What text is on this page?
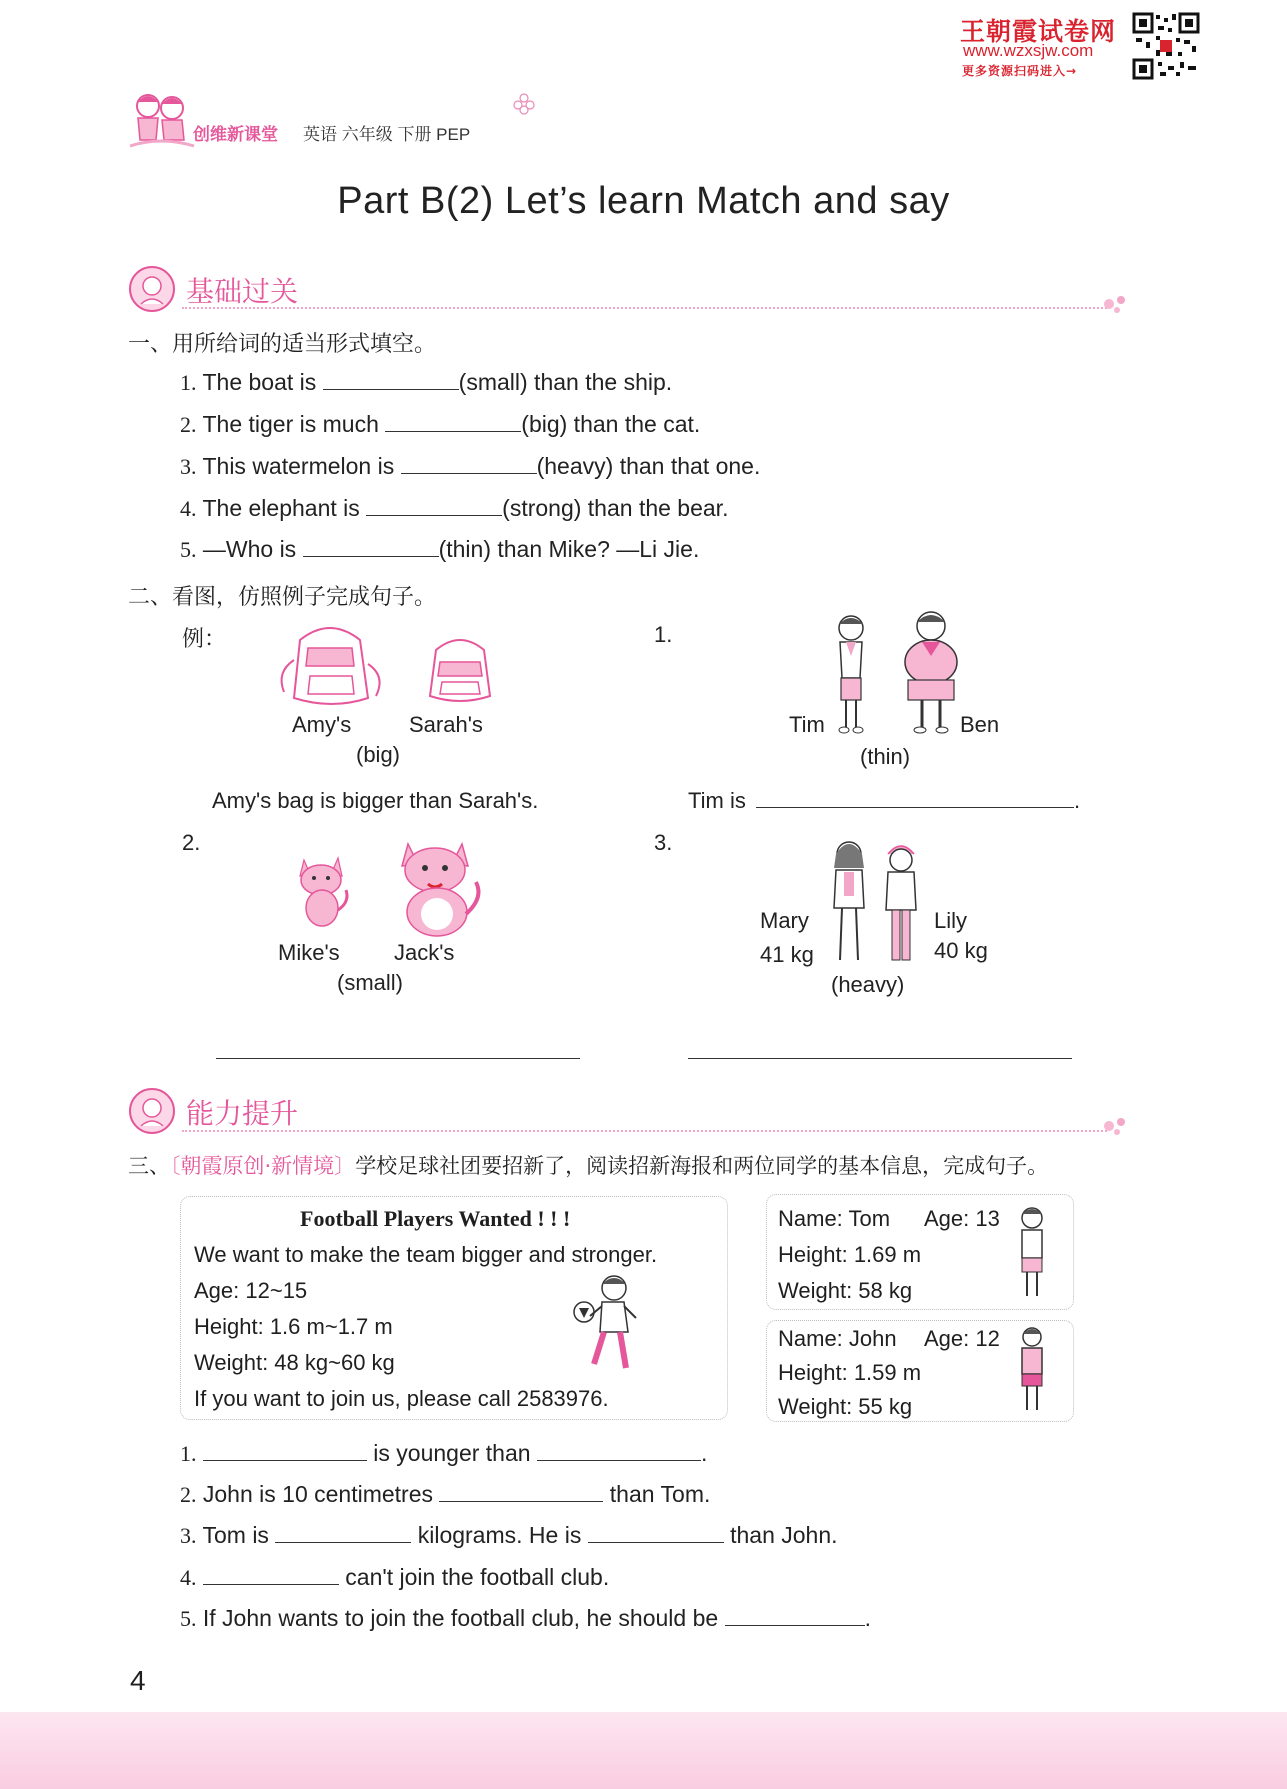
王朝霞试卷网
www.wzxsjw.com
更多资源扫码进入→
创维新课堂 英语 六年级 下册 PEP
Part B(2) Let’s learn Match and say
基础过关
一、用所给词的适当形式填空。
1. The boat is	(small) than the ship.
2. The tiger is much	(big) than the cat.
3. This watermelon is	(heavy) than that one.
4. The elephant is	(strong) than the bear.
5. —Who is	(thin) than Mike? —Li Jie.
二、看图，仿照例子完成句子。
例：
Amy's	Sarah's
(big)
Amy's bag is bigger than Sarah's.
1.
Tim	Ben
(thin)
Tim is	.
2.
Mike's Jack's
(small)
3.
Mary
41 kg
Lily
40 kg
(heavy)
能力提升
三、〔朝霞原创·新情境〕学校足球社团要招新了，阅读招新海报和两位同学的基本信息，完成句子。
Football Players Wanted ! ! !
We want to make the team bigger and stronger.
Age: 12~15
Height: 1.6 m~1.7 m
Weight: 48 kg~60 kg
If you want to join us, please call 2583976.
Name: Tom Age: 13
Height: 1.69 m
Weight: 58 kg
Name: John Age: 12
Height: 1.59 m
Weight: 55 kg
1.	is younger than	.
2. John is 10 centimetres	than Tom.
3. Tom is	kilograms. He is	than John.
4.	can't join the football club.
5. If John wants to join the football club, he should be	.
4
